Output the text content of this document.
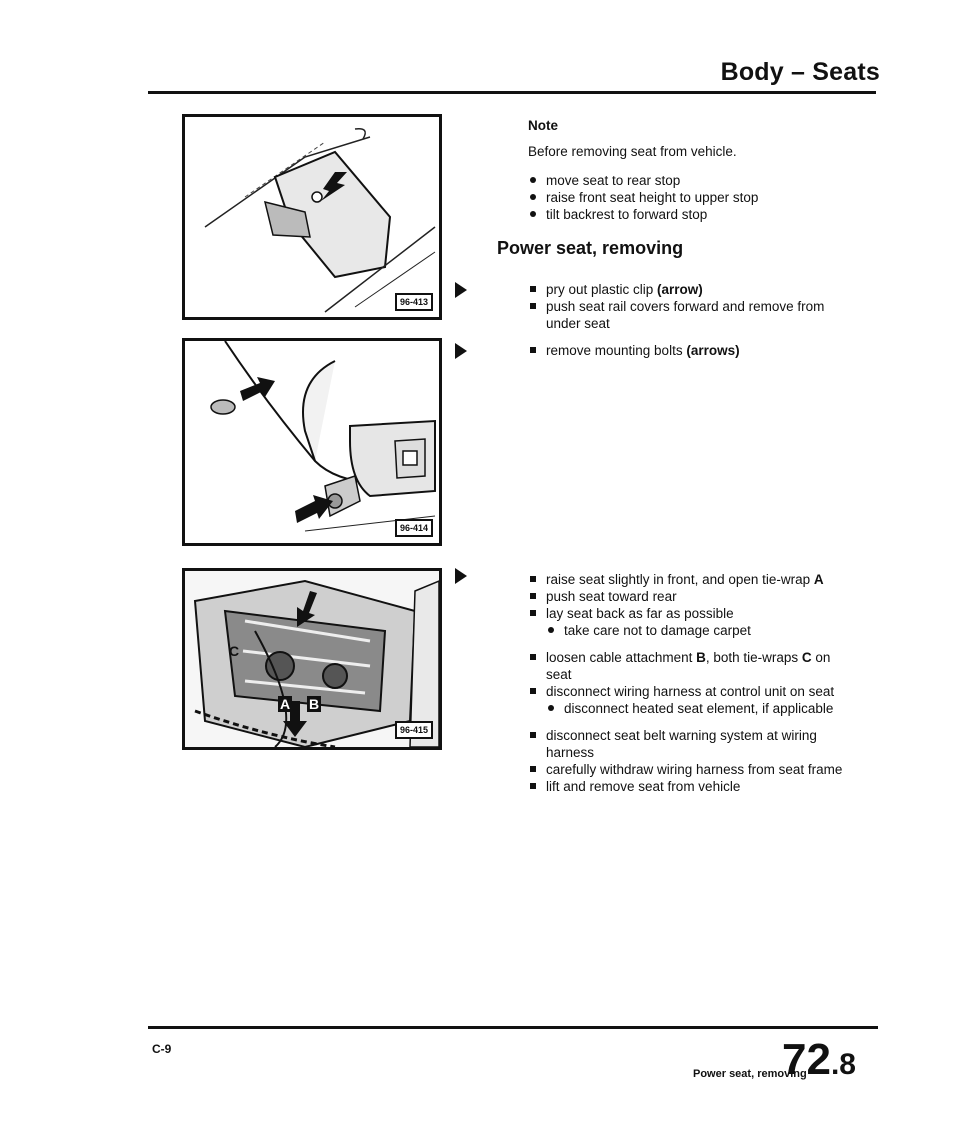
Body – Seats
96-413
96-414
C
A B
96-415
Note
Before removing seat from vehicle.
move seat to rear stop
raise front seat height to upper stop
tilt backrest to forward stop
Power seat, removing
pry out plastic clip (arrow)
push seat rail covers forward and remove from under seat
remove mounting bolts (arrows)
raise seat slightly in front, and open tie-wrap A
push seat toward rear
lay seat back as far as possible
take care not to damage carpet
loosen cable attachment B, both tie-wraps C on seat
disconnect wiring harness at control unit on seat
disconnect heated seat element, if applicable
disconnect seat belt warning system at wiring harness
carefully withdraw wiring harness from seat frame
lift and remove seat from vehicle
C-9
Power seat, removing
72.8
